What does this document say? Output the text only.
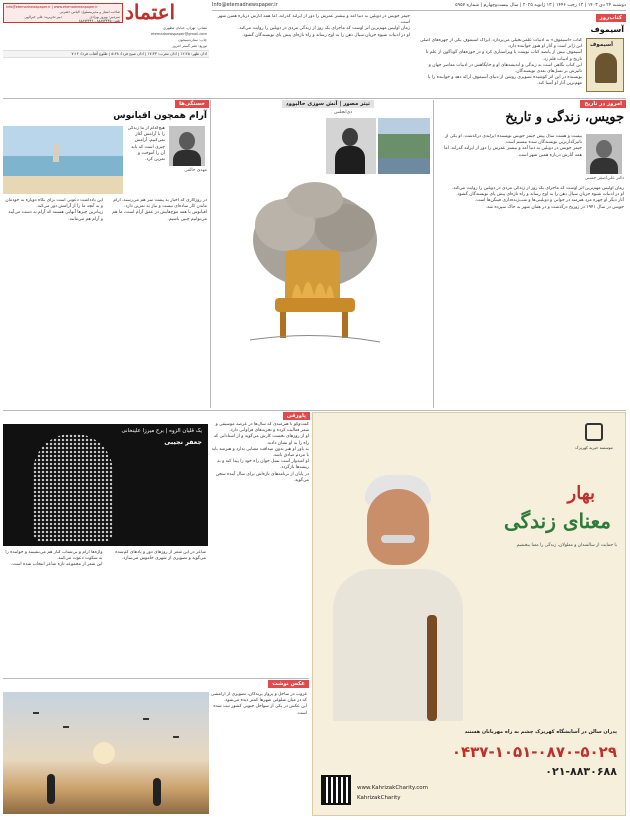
info@etemadnewspaper.ir | www.etemadnewspaper.ir
صاحب امتیاز و مدیرمسئول: الیاس حضرتی
سردبیر: بهروز بهزادی
دبیر تحریریه: علی خیرالهی
تلفن: ۸۸۸۷۴۴۴۵ - ۸۸۸۷۴۴۴۶ اعتماد	Info@etemadnewspaper.ir	دوشنبه ۲۴ دی ۱۴۰۳ | ۱۲ رجب ۱۴۴۶ | ۱۳ ژانویه ۲۰۲۵ | سال بیست‌وچهارم | شماره ۵۹۵۷
نشانی: تهران، خیابان مطهری
etemadnewspaper@gmail.com
چاپ: ستاره‌سیحون
توزیع: نشر گستر امروز
اذان ظهر: ۱۲:۲۵ | اذان مغرب: ۱۷:۳۳ | اذان صبح فردا: ۵:۴۸ | طلوع آفتاب فردا: ۷:۱۴

جیمز جویس در دوبلین به دنیا آمد و بیشتر عمرش را دور از ایرلند گذراند، اما همه آثارش درباره همین شهر است.

رمان اولیس مهم‌ترین اثر اوست که ماجرای یک روز از زندگی مردی در دوبلین را روایت می‌کند.

او در ادبیات شیوه جریان سیال ذهن را به اوج رساند و راه تازه‌ای پیش پای نویسندگان گشود.

کتاب‌روز
آسیموف
آسیموف

کتاب «آسیموف» به ادبیات علمی‌تخیلی می‌پردازد. ایزاک آسیموف یکی از چهره‌های اصلی این ژانر است و آثار او هنوز خواننده دارد.

آسیموف بیش از پانصد کتاب نوشت یا ویراستاری کرد و در حوزه‌های گوناگون از علم تا تاریخ و ادبیات قلم زد.

این کتاب نگاهی است به زندگی و اندیشه‌های او و جایگاهش در ادبیات معاصر جهان و تاثیرش بر نسل‌های بعدی نویسندگان.

نویسنده در این اثر کوشیده تصویری روشن از دنیای آسیموف ارائه دهد و خواننده را با مهم‌ترین آثار او آشنا کند.

امروز در تاریخ
جویس، زندگی و تاریخ
دکتر علی‌اصغر حسنی

بیست و هشت سال پیش جیمز جویس نویسنده ایرلندی درگذشت. او یکی از تاثیرگذارترین نویسندگان سده بیستم است.

جیمز جویس در دوبلین به دنیا آمد و بیشتر عمرش را دور از ایرلند گذراند، اما همه آثارش درباره همین شهر است.

رمان اولیس مهم‌ترین اثر اوست که ماجرای یک روز از زندگی مردی در دوبلین را روایت می‌کند.

او در ادبیات شیوه جریان سیال ذهن را به اوج رساند و راه تازه‌ای پیش پای نویسندگان گشود.

آثار دیگر او چهره مرد هنرمند در جوانی و دوبلینی‌ها و شب‌زنده‌داری فینگن‌ها است.

جویس در سال ۱۹۴۱ در زوریخ درگذشت و در همان شهر به خاک سپرده شد.

تیتر مصور | آنش سوزی حالیوود
دی‌انجلس
خستگی‌ها
آرام همچون اقیانوس
مهدی خالقی

هیچ‌کدام از ما زندگی را با آرامش آغاز نمی‌کنیم، آرامش چیزی است که باید آن را آموخت و تمرین کرد.

در روزگاری که اخبار بد پشت سر هم می‌رسند، آرام ماندن کار ساده‌ای نیست و نیاز به تمرین دارد.

اقیانوس با همه موج‌هایش در عمق آرام است، ما هم می‌توانیم چنین باشیم.

این یادداشت دعوتی است برای نگاه دوباره به خودمان و به آنچه ما را از آرامش دور می‌کند.

زیباترین چیزها آنهایی هستند که آرام به دست می‌آیند و آرام هم می‌مانند.

موسسه خیریه کهریزک
بهار
معنای زندگی
با حمایت از سالمندان و معلولان، زندگی را معنا ببخشیم
پدران سالن در آسایشگاه کهریزک چشم به راه مهربانان هستند
۰۴۳۷-۱۰۵۱-۰۸۷۰-۵۰۲۹
۰۲۱-۸۸۳۰۶۸۸
www.KahrizakCharity.com
KahrizakCharity
پاورقی

گفت‌وگو با هنرمندی که سال‌ها در عرصه موسیقی و شعر فعالیت کرده و تجربه‌های فراوانی دارد.

او از روزهای نخست کارش می‌گوید و از استادانی که راه را به او نشان دادند.

به باور او هنر بدون صداقت معنایی ندارد و هنرمند باید با مردم صادق باشد.

او امیدوار است نسل جوان راه خود را پیدا کند و به ریشه‌ها بازگردد.

در پایان از برنامه‌های تازه‌اش برای سال آینده سخن می‌گوید.

یک قلیان الزوه | برج میرزا علینخانی
جعفر نجیبی

شاعر در این شعر از روزهای دور و یادهای گم‌شده می‌گوید و تصویری از شهری خاموش می‌سازد.

واژه‌ها آرام و بی‌شتاب کنار هم می‌نشینند و خواننده را به سکوت دعوت می‌کنند.

این شعر از مجموعه تازه شاعر انتخاب شده است.

عکس نوشت

غروب در ساحل و پرواز پرندگان، تصویری از آرامشی که در میان شلوغی شهرها کمتر دیده می‌شود.

این عکس در یکی از سواحل جنوبی کشور ثبت شده است.
